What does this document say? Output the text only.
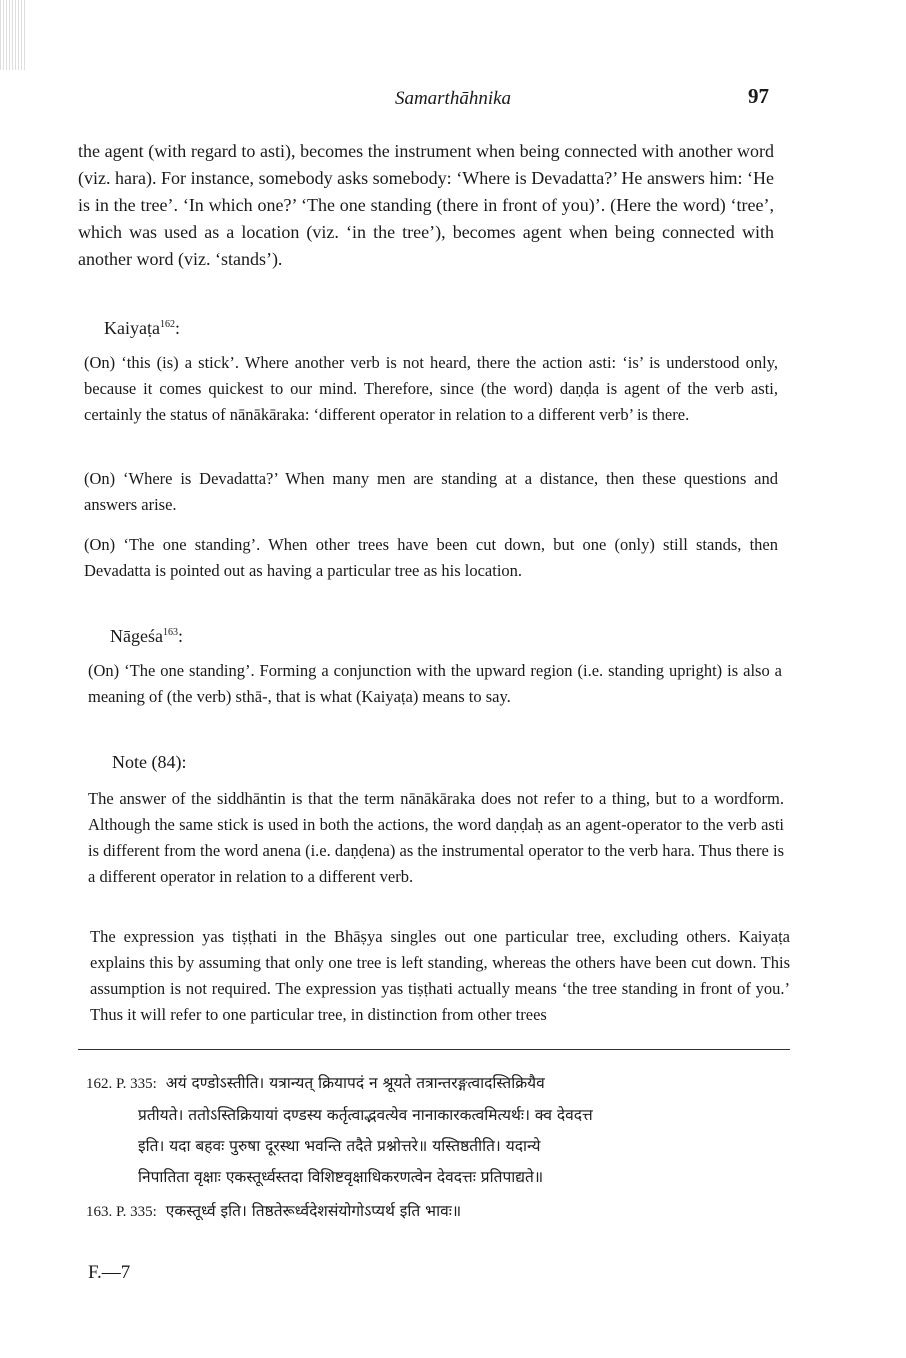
Samarthāhnika	97

the agent (with regard to asti), becomes the instrument when being connected with another word (viz. hara). For instance, somebody asks somebody: ‘Where is Devadatta?’ He answers him: ‘He is in the tree’. ‘In which one?’ ‘The one standing (there in front of you)’. (Here the word) ‘tree’, which was used as a location (viz. ‘in the tree’), becomes agent when being connected with another word (viz. ‘stands’).

Kaiyaṭa$^{162}$:

(On) ‘this (is) a stick’. Where another verb is not heard, there the action asti: ‘is’ is understood only, because it comes quickest to our mind. Therefore, since (the word) daṇḍa is agent of the verb asti, certainly the status of nānākāraka: ‘different operator in relation to a different verb’ is there.

(On) ‘Where is Devadatta?’ When many men are standing at a distance, then these questions and answers arise.

(On) ‘The one standing’. When other trees have been cut down, but one (only) still stands, then Devadatta is pointed out as having a particular tree as his location.

Nāgeśa$^{163}$:

(On) ‘The one standing’. Forming a conjunction with the upward region (i.e. standing upright) is also a meaning of (the verb) sthā-, that is what (Kaiyaṭa) means to say.

Note (84):

The answer of the siddhāntin is that the term nānākāraka does not refer to a thing, but to a wordform. Although the same stick is used in both the actions, the word daṇḍaḥ as an agent-operator to the verb asti is different from the word anena (i.e. daṇḍena) as the instrumental operator to the verb hara. Thus there is a different operator in relation to a different verb.

The expression yas tiṣṭhati in the Bhāṣya singles out one particular tree, excluding others. Kaiyaṭa explains this by assuming that only one tree is left standing, whereas the others have been cut down. This assumption is not required. The expression yas tiṣṭhati actually means ‘the tree standing in front of you.’ Thus it will refer to one particular tree, in distinction from other trees

162. P. 335: अयं दण्डोऽस्तीति। यत्रान्यत् क्रियापदं न श्रूयते तत्रान्तरङ्गत्वादस्तिक्रियैव
प्रतीयते। ततोऽस्तिक्रियायां दण्डस्य कर्तृत्वाद्भवत्येव नानाकारकत्वमित्यर्थः। क्व देवदत्त
इति। यदा बहवः पुरुषा दूरस्था भवन्ति तदैते प्रश्नोत्तरे॥ यस्तिष्ठतीति। यदान्ये
निपातिता वृक्षाः एकस्तूर्ध्वस्तदा विशिष्टवृक्षाधिकरणत्वेन देवदत्तः प्रतिपाद्यते॥
163. P. 335: एकस्तूर्ध्व इति। तिष्ठतेरूर्ध्वदेशसंयोगोऽप्यर्थ इति भावः॥
F.—7
